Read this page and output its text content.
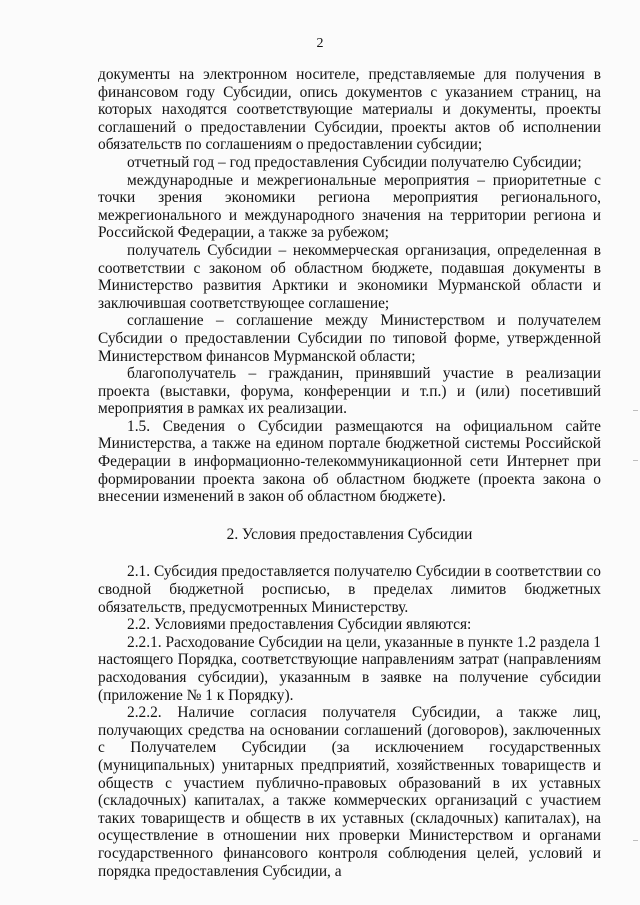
2

документы на электронном носителе, представляемые для получения в финансовом году Субсидии, опись документов с указанием страниц, на которых находятся соответствующие материалы и документы, проекты соглашений о предоставлении Субсидии, проекты актов об исполнении обязательств по соглашениям о предоставлении субсидии;

отчетный год – год предоставления Субсидии получателю Субсидии;

международные и межрегиональные мероприятия – приоритетные с точки зрения экономики региона мероприятия регионального, межрегионального и международного значения на территории региона и Российской Федерации, а также за рубежом;

получатель Субсидии – некоммерческая организация, определенная в соответствии с законом об областном бюджете, подавшая документы в Министерство развития Арктики и экономики Мурманской области и заключившая соответствующее соглашение;

соглашение – соглашение между Министерством и получателем Субсидии о предоставлении Субсидии по типовой форме, утвержденной Министерством финансов Мурманской области;

благополучатель – гражданин, принявший участие в реализации проекта (выставки, форума, конференции и т.п.) и (или) посетивший мероприятия в рамках их реализации.

1.5. Сведения о Субсидии размещаются на официальном сайте Министерства, а также на едином портале бюджетной системы Российской Федерации в информационно-телекоммуникационной сети Интернет при формировании проекта закона об областном бюджете (проекта закона о внесении изменений в закон об областном бюджете).

2. Условия предоставления Субсидии

2.1. Субсидия предоставляется получателю Субсидии в соответствии со сводной бюджетной росписью, в пределах лимитов бюджетных обязательств, предусмотренных Министерству.

2.2. Условиями предоставления Субсидии являются:

2.2.1. Расходование Субсидии на цели, указанные в пункте 1.2 раздела 1 настоящего Порядка, соответствующие направлениям затрат (направлениям расходования субсидии), указанным в заявке на получение субсидии (приложение № 1 к Порядку).

2.2.2. Наличие согласия получателя Субсидии, а также лиц, получающих средства на основании соглашений (договоров), заключенных с Получателем Субсидии (за исключением государственных (муниципальных) унитарных предприятий, хозяйственных товариществ и обществ с участием публично-правовых образований в их уставных (складочных) капиталах, а также коммерческих организаций с участием таких товариществ и обществ в их уставных (складочных) капиталах), на осуществление в отношении них проверки Министерством и органами государственного финансового контроля соблюдения целей, условий и порядка предоставления Субсидии, а
